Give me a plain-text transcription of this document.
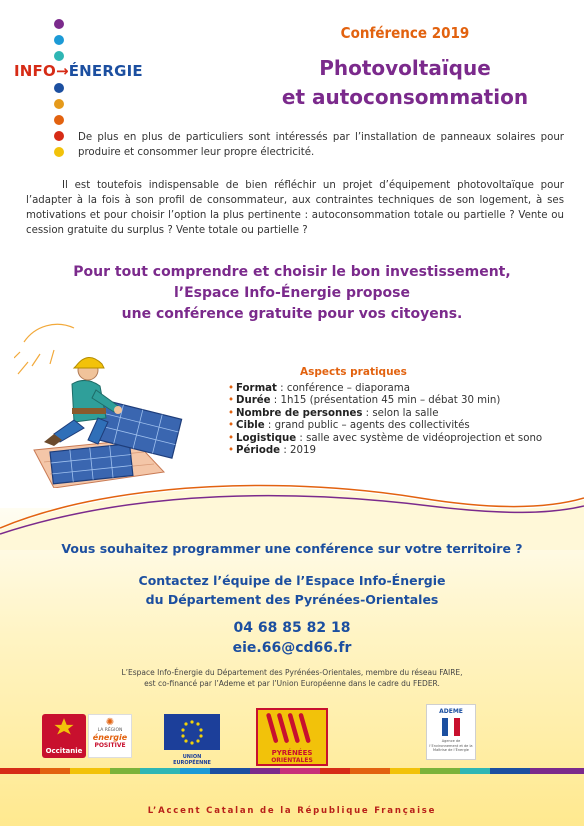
INFO→ÉNERGIE
Conférence 2019
Photovoltaïque
et autoconsommation
De plus en plus de particuliers sont intéressés par l’installation de panneaux solaires pour produire et consommer leur propre électricité.
Il est toutefois indispensable de bien réfléchir un projet d’équipement photovoltaïque pour l’adapter à la fois à son profil de consommateur, aux contraintes techniques de son logement, à ses motivations et pour choisir l’option la plus pertinente : autoconsommation totale ou partielle ? Vente ou cession gratuite du surplus ? Vente totale ou partielle ?
Pour tout comprendre et choisir le bon investissement,
l’Espace Info-Énergie propose
une conférence gratuite pour vos citoyens.
Aspects pratiques
• Format : conférence – diaporama
• Durée : 1h15 (présentation 45 min – débat 30 min)
• Nombre de personnes : selon la salle
• Cible : grand public – agents des collectivités
• Logistique : salle avec système de vidéoprojection et sono
• Période : 2019
Vous souhaitez programmer une conférence sur votre territoire ?
Contactez l’équipe de l’Espace Info-Énergie
du Département des Pyrénées-Orientales
04 68 85 82 18
eie.66@cd66.fr
L’Espace Info-Énergie du Département des Pyrénées-Orientales, membre du réseau FAIRE,
est co-financé par l’Ademe et par l’Union Européenne dans le cadre du FEDER.
Occitanie
✺
LA RÉGION
énergie
POSITIVE
UNION EUROPÉENNE
PYRÉNÉES
ORIENTALES
ADEME
Agence de l’Environnement et de la Maîtrise de l’Énergie
L’Accent Catalan de la République Française
